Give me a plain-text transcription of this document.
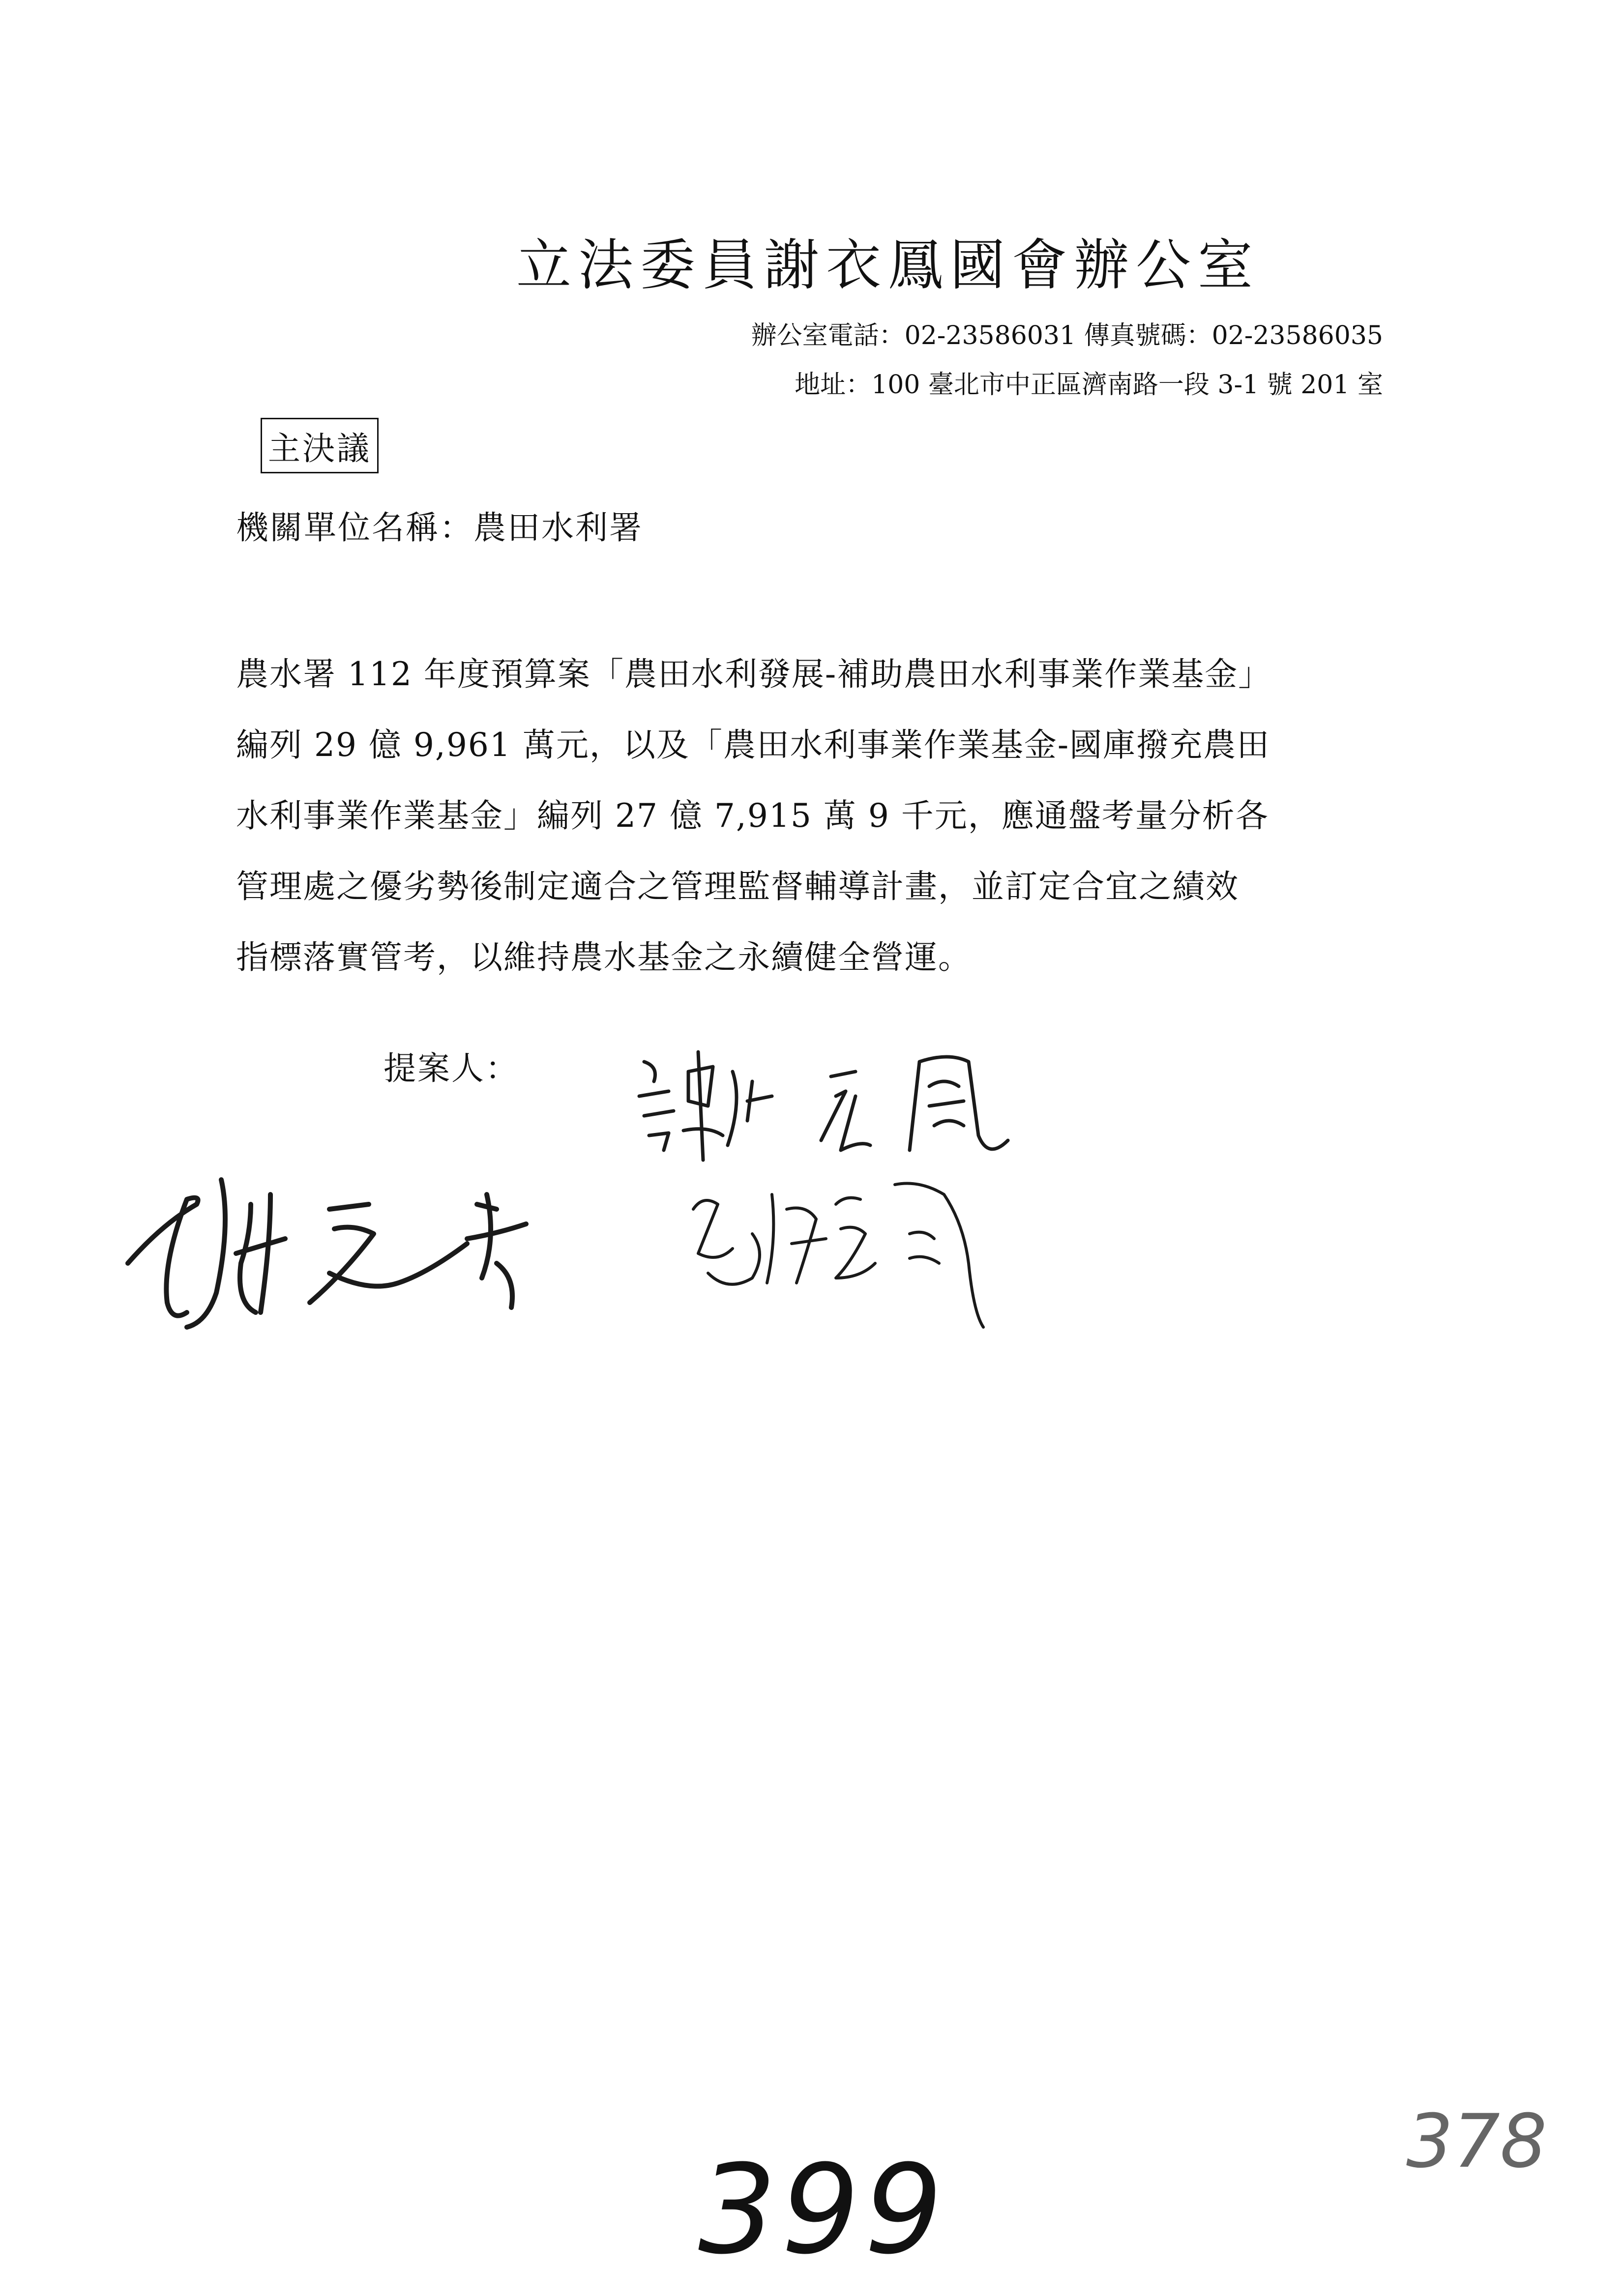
立法委員謝衣鳳國會辦公室
辦公室電話：02-23586031 傳真號碼：02-23586035
地址：100 臺北市中正區濟南路一段 3-1 號 201 室
主決議
機關單位名稱：農田水利署
農水署 112 年度預算案「農田水利發展-補助農田水利事業作業基金」
編列 29 億 9,961 萬元，以及「農田水利事業作業基金-國庫撥充農田
水利事業作業基金」編列 27 億 7,915 萬 9 千元，應通盤考量分析各
管理處之優劣勢後制定適合之管理監督輔導計畫，並訂定合宜之績效
指標落實管考，以維持農水基金之永續健全營運。
提案人：
399	378
